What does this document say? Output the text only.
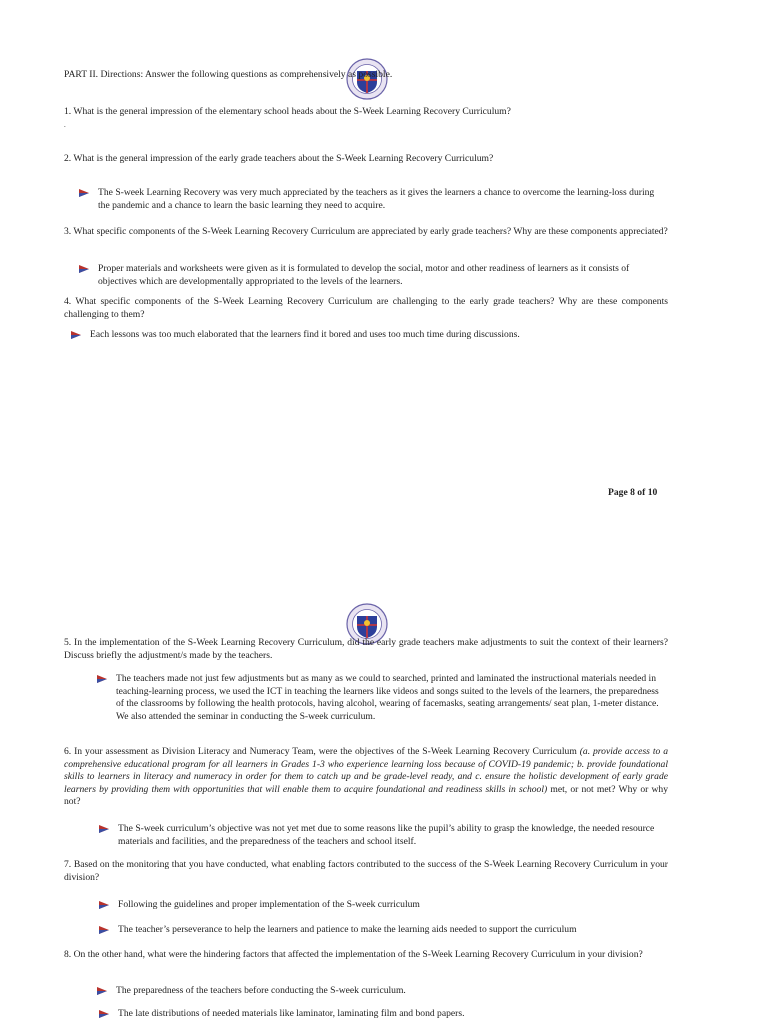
PART II. Directions: Answer the following questions as comprehensively as possible.
1. What is the general impression of the elementary school heads about the S-Week Learning Recovery Curriculum?
.
2. What is the general impression of the early grade teachers about the S-Week Learning Recovery Curriculum?
The S-week Learning Recovery was very much appreciated by the teachers as it gives the learners a chance to overcome the learning-loss during the pandemic and a chance to learn the basic learning they need to acquire.
3. What specific components of the S-Week Learning Recovery Curriculum are appreciated by early grade teachers? Why are these components appreciated?
Proper materials and worksheets were given as it is formulated to develop the social, motor and other readiness of learners as it consists of objectives which are developmentally appropriated to the levels of the learners.
4. What specific components of the S-Week Learning Recovery Curriculum are challenging to the early grade teachers? Why are these components challenging to them?
Each lessons was too much elaborated that the learners find it bored and uses too much time during discussions.
Page 8 of 10
5. In the implementation of the S-Week Learning Recovery Curriculum, did the early grade teachers make adjustments to suit the context of their learners? Discuss briefly the adjustment/s made by the teachers.
The teachers made not just few adjustments but as many as we could to searched, printed and laminated the instructional materials needed in teaching-learning process, we used the ICT in teaching the learners like videos and songs suited to the levels of the learners, the preparedness of the classrooms by following the health protocols, having alcohol, wearing of facemasks, seating arrangements/ seat plan, 1-meter distance. We also attended the seminar in conducting the S-week curriculum.
6. In your assessment as Division Literacy and Numeracy Team, were the objectives of the S-Week Learning Recovery Curriculum (a. provide access to a comprehensive educational program for all learners in Grades 1-3 who experience learning loss because of COVID-19 pandemic; b. provide foundational skills to learners in literacy and numeracy in order for them to catch up and be grade-level ready, and c. ensure the holistic development of early grade learners by providing them with opportunities that will enable them to acquire foundational and readiness skills in school) met, or not met? Why or why not?
The S-week curriculum’s objective was not yet met due to some reasons like the pupil’s ability to grasp the knowledge, the needed resource materials and facilities, and the preparedness of the teachers and school itself.
7. Based on the monitoring that you have conducted, what enabling factors contributed to the success of the S-Week Learning Recovery Curriculum in your division?
Following the guidelines and proper implementation of the S-week curriculum
The teacher’s perseverance to help the learners and patience to make the learning aids needed to support the curriculum
8. On the other hand, what were the hindering factors that affected the implementation of the S-Week Learning Recovery Curriculum in your division?
The preparedness of the teachers before conducting the S-week curriculum.
The late distributions of needed materials like laminator, laminating film and bond papers.
